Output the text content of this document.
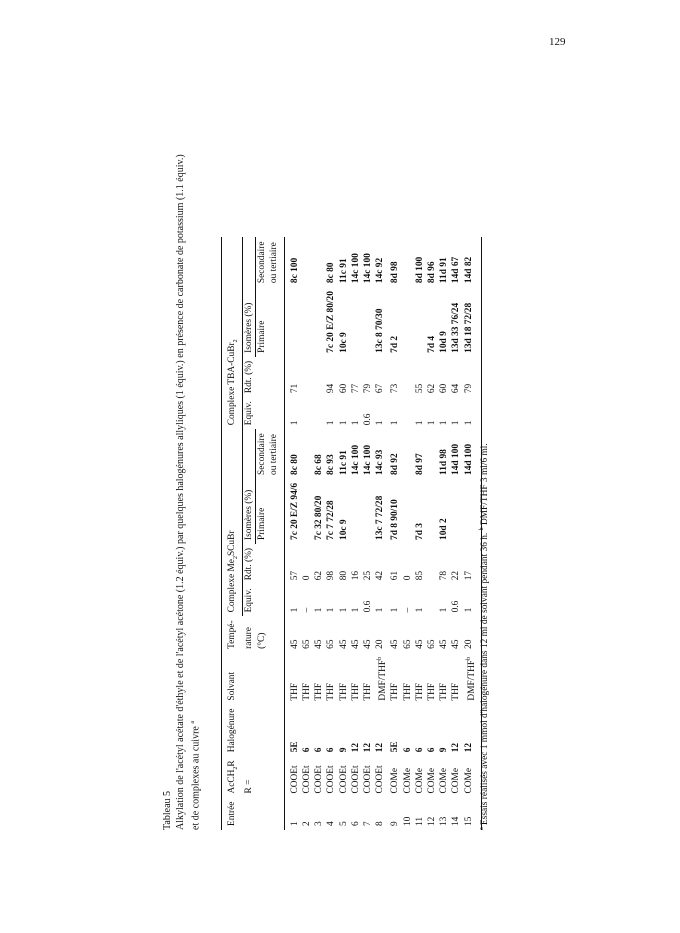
129
Tableau 5 Alkylation de l'acétyl acétate d'éthyle et de l'acétyl acétone (1.2 équiv.) par quelques halogénures allyliques (1 équiv.) en présence de carbonate de potassium (1.1 équiv.) et de complexes au cuivre $^a$
Entrée	AcCH$_2$R	Halogénure	Solvant	Tempé-	Complexe $Me_2SCuBr$				Complexe TBA-CuBr$_2$
	R =			rature	Equiv.	Rdt. (%)	Isomères (%)		Equiv.	Rdt. (%)	Isomères (%)	
				(°C)			Primaire	Secondaire			Primaire	Secondaire
								ou tertiaire				ou tertiaire
1	COOEt	5E	THF	45	1	57	7c 20 E/Z 94/6	8c 80	1	71		8c 100
2	COOEt	6	THF	65	–	0						
3	COOEt	6	THF	45	1	62	7c 32 80/20	8c 68				
4	COOEt	6	THF	65	1	98	7c 7 72/28	8c 93	1	94	7c 20 E/Z 80/20	8c 80
5	COOEt	9	THF	45	1	80	10c 9	11c 91	1	60	10c 9	11c 91
6	COOEt	12	THF	45	1	16		14c 100	1	77		14c 100
7	COOEt	12	THF	45	0.6	25		14c 100	0.6	79		14c 100
8	COOEt	12	DMF/THF$^b$	20	1	42	13c 7 72/28	14c 93	1	67	13c 8 70/30	14c 92
9	COMe	5E	THF	45	1	61	7d 8 90/10	8d 92	1	73	7d 2	8d 98
10	COMe	6	THF	65	–	0						
11	COMe	6	THF	45	1	85	7d 3	8d 97	1	55		8d 100
12	COMe	6	THF	65					1	62	7d 4	8d 96
13	COMe	9	THF	45	1	78	10d 2	11d 98	1	60	10d 9	11d 91
14	COMe	12	THF	45	0.6	22		14d 100	1	64	13d 33 76/24	14d 67
15	COMe	12	DMF/THF$^b$	20	1	17		14d 100	1	79	13d 18 72/28	14d 82
$^a$ Essais réalisés avec 1 mmol d'halogénure dans 12 ml de solvant pendant 36 h. $^b$ DMF/THF 3 ml/6 ml.
